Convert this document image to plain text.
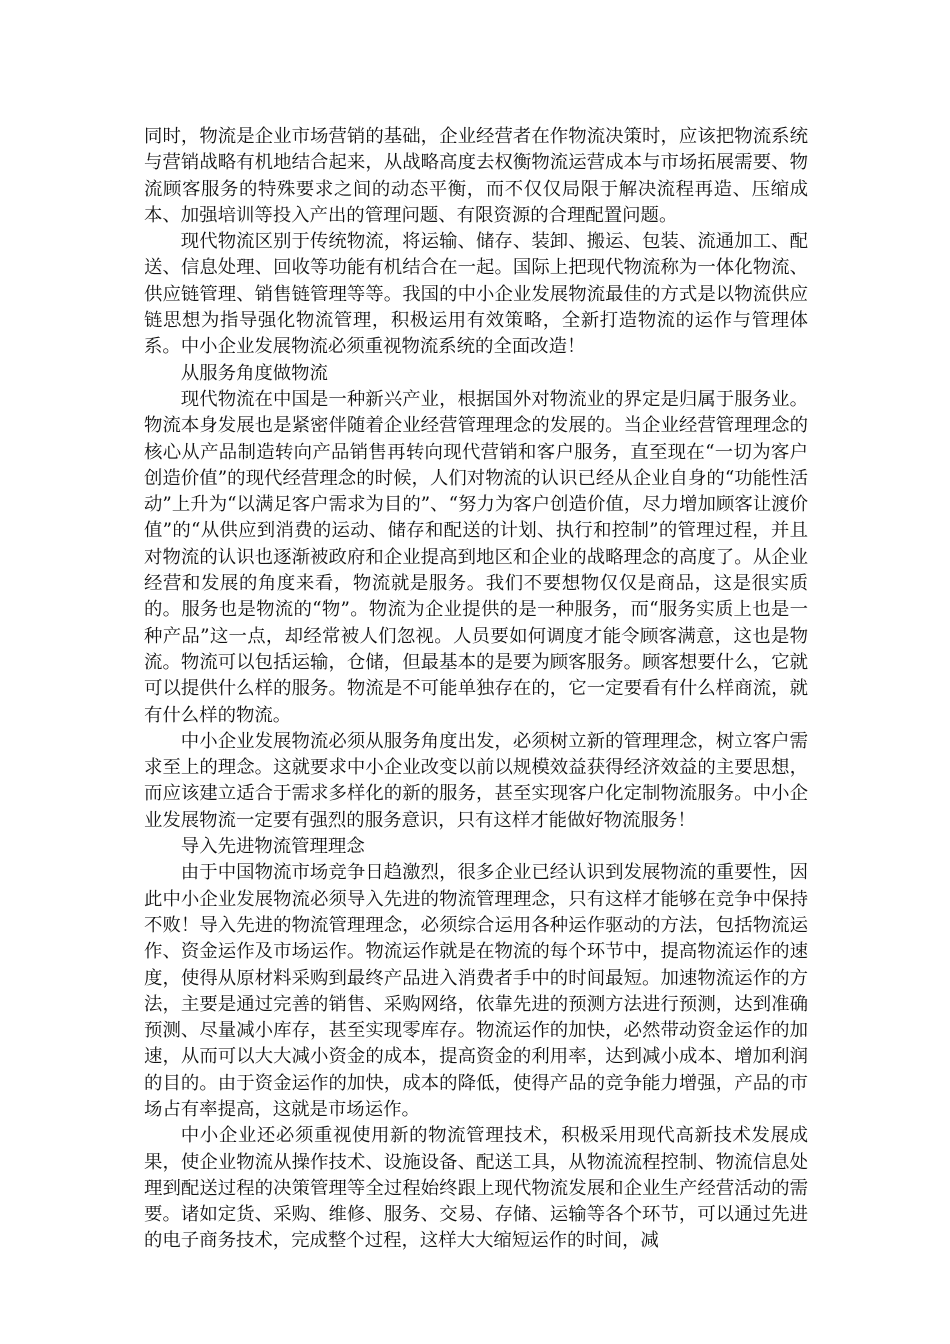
同时，物流是企业市场营销的基础，企业经营者在作物流决策时，应该把物流系统与营销战略有机地结合起来，从战略高度去权衡物流运营成本与市场拓展需要、物流顾客服务的特殊要求之间的动态平衡，而不仅仅局限于解决流程再造、压缩成本、加强培训等投入产出的管理问题、有限资源的合理配置问题。

现代物流区别于传统物流，将运输、储存、装卸、搬运、包装、流通加工、配送、信息处理、回收等功能有机结合在一起。国际上把现代物流称为一体化物流、供应链管理、销售链管理等等。我国的中小企业发展物流最佳的方式是以物流供应链思想为指导强化物流管理，积极运用有效策略，全新打造物流的运作与管理体系。中小企业发展物流必须重视物流系统的全面改造！

从服务角度做物流

现代物流在中国是一种新兴产业，根据国外对物流业的界定是归属于服务业。物流本身发展也是紧密伴随着企业经营管理理念的发展的。当企业经营管理理念的核心从产品制造转向产品销售再转向现代营销和客户服务，直至现在“一切为客户创造价值”的现代经营理念的时候，人们对物流的认识已经从企业自身的“功能性活动”上升为“以满足客户需求为目的”、“努力为客户创造价值，尽力增加顾客让渡价值”的“从供应到消费的运动、储存和配送的计划、执行和控制”的管理过程，并且对物流的认识也逐渐被政府和企业提高到地区和企业的战略理念的高度了。从企业经营和发展的角度来看，物流就是服务。我们不要想物仅仅是商品，这是很实质的。服务也是物流的“物”。物流为企业提供的是一种服务，而“服务实质上也是一种产品”这一点，却经常被人们忽视。人员要如何调度才能令顾客满意，这也是物流。物流可以包括运输，仓储，但最基本的是要为顾客服务。顾客想要什么，它就可以提供什么样的服务。物流是不可能单独存在的，它一定要看有什么样商流，就有什么样的物流。

中小企业发展物流必须从服务角度出发，必须树立新的管理理念，树立客户需求至上的理念。这就要求中小企业改变以前以规模效益获得经济效益的主要思想，而应该建立适合于需求多样化的新的服务，甚至实现客户化定制物流服务。中小企业发展物流一定要有强烈的服务意识，只有这样才能做好物流服务！

导入先进物流管理理念

由于中国物流市场竞争日趋激烈，很多企业已经认识到发展物流的重要性，因此中小企业发展物流必须导入先进的物流管理理念，只有这样才能够在竞争中保持不败！导入先进的物流管理理念，必须综合运用各种运作驱动的方法，包括物流运作、资金运作及市场运作。物流运作就是在物流的每个环节中，提高物流运作的速度，使得从原材料采购到最终产品进入消费者手中的时间最短。加速物流运作的方法，主要是通过完善的销售、采购网络，依靠先进的预测方法进行预测，达到准确预测、尽量减小库存，甚至实现零库存。物流运作的加快，必然带动资金运作的加速，从而可以大大减小资金的成本，提高资金的利用率，达到减小成本、增加利润的目的。由于资金运作的加快，成本的降低，使得产品的竞争能力增强，产品的市场占有率提高，这就是市场运作。

中小企业还必须重视使用新的物流管理技术，积极采用现代高新技术发展成果，使企业物流从操作技术、设施设备、配送工具，从物流流程控制、物流信息处理到配送过程的决策管理等全过程始终跟上现代物流发展和企业生产经营活动的需要。诸如定货、采购、维修、服务、交易、存储、运输等各个环节，可以通过先进的电子商务技术，完成整个过程，这样大大缩短运作的时间，减
